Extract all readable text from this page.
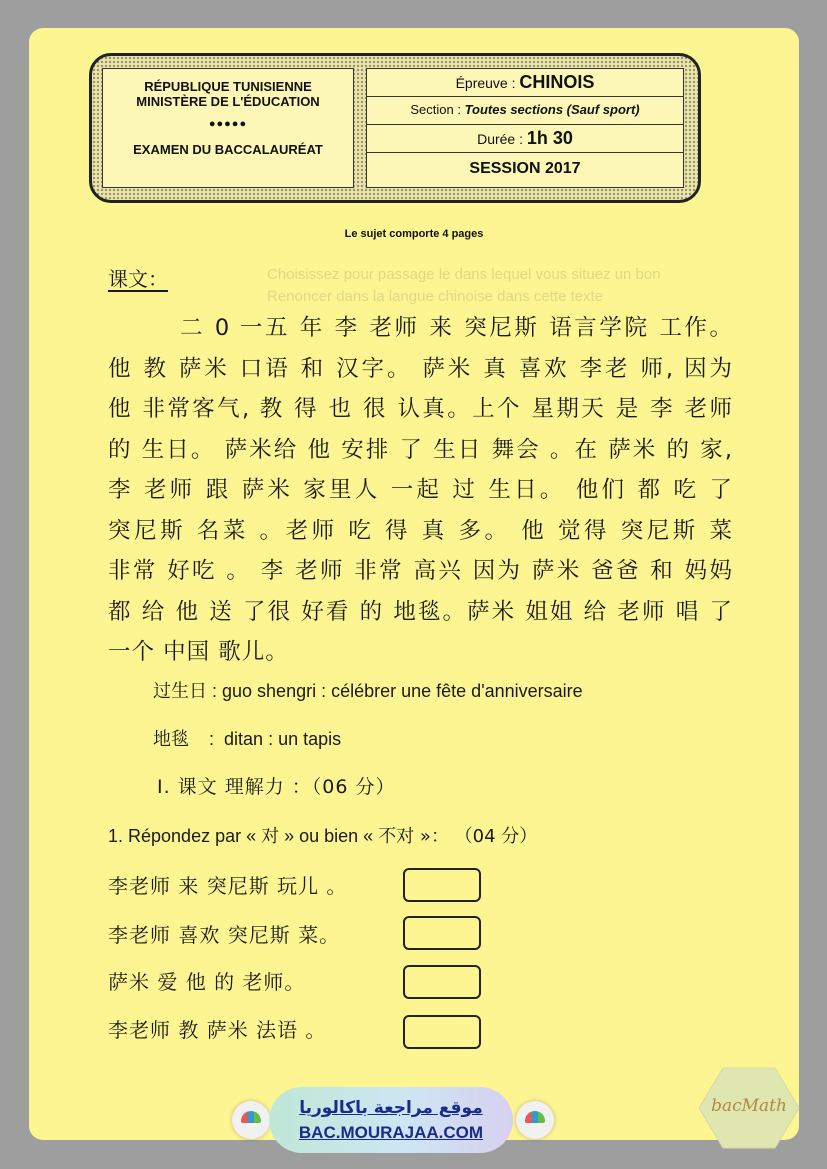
Choisissez pour passage le dans lequel vous situez un bon
Renoncer dans la langue chinoise dans cette texte
RÉPUBLIQUE TUNISIENNE
MINISTÈRE DE L'ÉDUCATION
●●●●●
EXAMEN DU BACCALAURÉAT
Épreuve : CHINOIS
Section : Toutes sections (Sauf sport)
Durée : 1h 30
SESSION 2017
Le sujet comporte 4 pages
课文：
二 0 一五 年 李 老师 来 突尼斯 语言学院 工作。
他 教 萨米 口语 和 汉字。 萨米 真 喜欢 李老 师, 因为
他 非常客气, 教 得 也 很 认真。上个 星期天 是 李 老师
的 生日。 萨米给 他 安排 了 生日 舞会 。在 萨米 的 家,
李 老师 跟 萨米 家里人 一起 过 生日。 他们 都 吃 了
突尼斯 名菜 。老师 吃 得 真 多。 他 觉得 突尼斯 菜
非常 好吃 。 李 老师 非常 高兴 因为 萨米 爸爸 和 妈妈
都 给 他 送 了很 好看 的 地毯。萨米 姐姐 给 老师 唱 了
一个 中国 歌儿。
过生日 : guo shengri : célébrer une fête d'anniversaire
地毯    :  ditan : un tapis
Ⅰ. 课文 理解力 ：（06 分）
1. Répondez par « 对 » ou bien « 不对 »： （04 分）
李老师 来 突尼斯 玩儿 。
李老师 喜欢 突尼斯 菜。
萨米 爱 他 的 老师。
李老师 教 萨米 法语 。
موقع مراجعة باكالوريا
BAC.MOURAJAA.COM
bacMath
